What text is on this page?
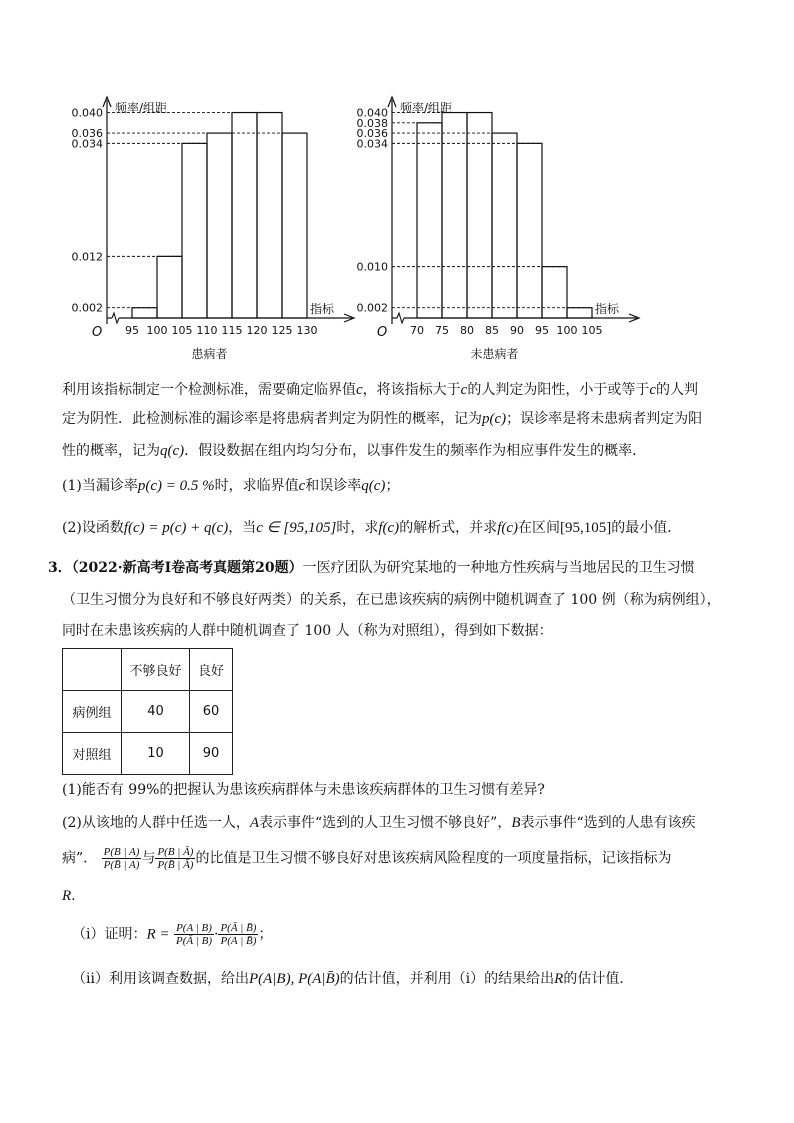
频率/组距
指标
O
患病者
0.040
0.036
0.034
0.012
0.002
95 100 105 110 115 120 125 130
频率/组距
指标
O
未患病者
0.040
0.038
0.036
0.034
0.010
0.002
70 75 80 85 90 95 100 105
利用该指标制定一个检测标准，需要确定临界值c，将该指标大于c的人判定为阳性，小于或等于c的人判
定为阴性．此检测标准的漏诊率是将患病者判定为阴性的概率，记为p(c)；误诊率是将未患病者判定为阳
性的概率，记为q(c)．假设数据在组内均匀分布，以事件发生的频率作为相应事件发生的概率．
(1)当漏诊率p(c) = 0.5 %时，求临界值c和误诊率q(c)；
(2)设函数f(c) = p(c) + q(c)，当c ∈ [95,105]时，求f(c)的解析式，并求f(c)在区间[95,105]的最小值．
3．（2022·新高考Ⅰ卷高考真题第20题）一医疗团队为研究某地的一种地方性疾病与当地居民的卫生习惯
（卫生习惯分为良好和不够良好两类）的关系，在已患该疾病的病例中随机调查了 100 例（称为病例组），
同时在未患该疾病的人群中随机调查了 100 人（称为对照组），得到如下数据：
	不够良好	良好
病例组	40	60
对照组	10	90
(1)能否有 99%的把握认为患该疾病群体与未患该疾病群体的卫生习惯有差异?
(2)从该地的人群中任选一人，A表示事件“选到的人卫生习惯不够良好”，B表示事件“选到的人患有该疾
病”． $\frac{P(B | A)}{P(B̄ | A)}$ 与 $\frac{P(B | Ā)}{P(B̄ | Ā)}$ 的比值是卫生习惯不够良好对患该疾病风险程度的一项度量指标，记该指标为
R.
（ⅰ）证明：$R = \frac{P(A | B)}{P(Ā | B)} \cdot \frac{P(Ā | B̄)}{P(A | B̄)}$ ；
（ⅱ）利用该调查数据，给出P(A|B), P(A|B̄)的估计值，并利用（ⅰ）的结果给出R的估计值．
